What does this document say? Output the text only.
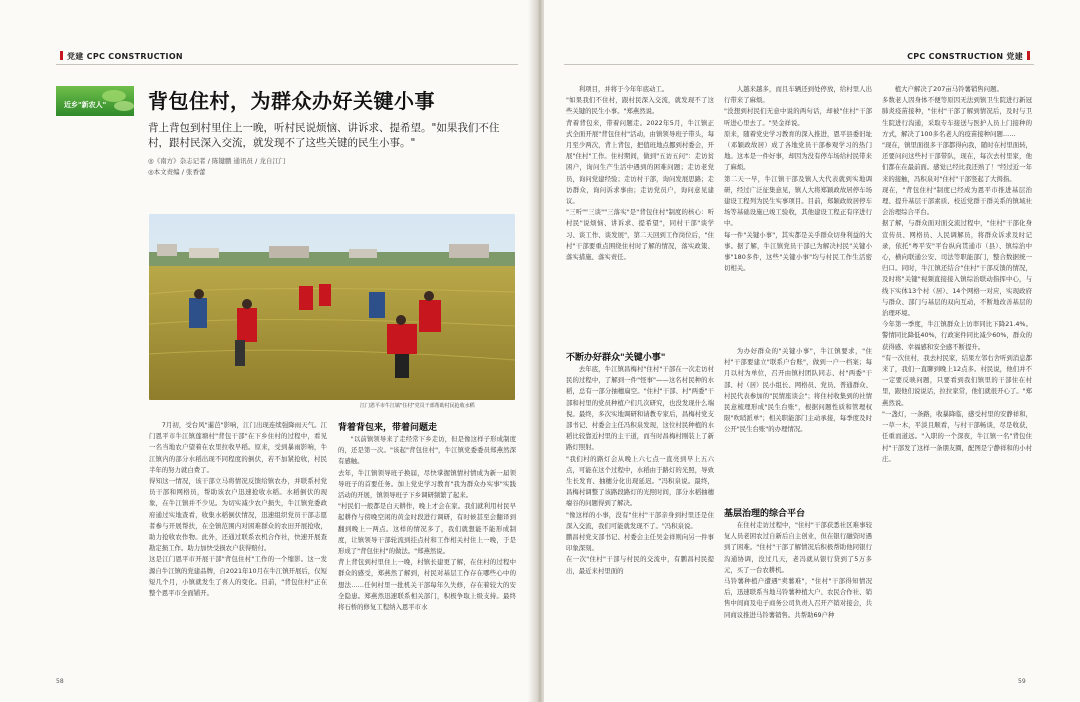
党建 CPC CONSTRUCTION
近乡"新农人" 背包住村，为群众办好关键小事
背上背包到村里住上一晚，听村民说烦恼、讲诉求、提希望。"如果我们不住村，跟村民深入交流，就发现不了这些关键的民生小事。"
◎《南方》杂志记者 / 陈键鹏 通讯员 / 龙自江门
◎本文责编 / 张香蕾
江门恩平市牛江镇"住村"党员干部帮助村民抢收水稻
7月初，受台风"暹芭"影响，江门出现连续强降雨天气。江门恩平市牛江镇莲塘村"背包干部"在下乡住村的过程中，看见一名当地农户望着在农里拉收早稻。原来，受到暴雨影响，牛江镇内的部分水稻出现不同程度的倒伏，若不加紧抢收，村民半年的努力就白费了。
得知这一情况，该干部立马将情况反馈给镇农办，并联系村党员干部和网格员，帮助该农户迅速抢收水稻。水稻倒伏的现象，在牛江镇并不少见。为切实减少农户损失，牛江镇党委政府通过实地查看，收集水稻倒伏情况，迅速组织党员干部志愿者参与开展帮扶，在全镇范围内对困难群众的农田开展抢收，助力抢收农作物。此外，还通过联系农机合作社，快速开展查勘定损工作。助力加快受损农户获得赔付。
这是江门恩平市开展干部"背包住村"工作的一个缩影。这一发源自牛江镇的党建品牌，自2021年10月在牛江镇开展后，仅短短几个月，小镇就发生了喜人的变化。目前，"背包住村"正在整个恩平市全面铺开。
背着背包来，带着问题走
"以前镇领导来了走经常下乡走访，但是像这样子形成制度的，还是第一次。"该起"背包住村"，牛江镇党委委员郑燕然深有感触。
去年，牛江镇领导班子换届，尽快掌握镇情村情成为新一届领导班子的首要任务。加上党史学习教育"我为群众办实事"实践活动的开展，镇领导班子下乡调研频繁了起来。
"村民们一般都是白天耕作，晚上才会在家。我们就利用村民早起耕作与傍晚空闲的黄金时段进行调研，有时候甚至会翻译到翻到晚上一两点。这样的情况多了，我们就想能不能形成制度，让镇领导干部轮流到挂点村和工作相关村住上一晚，于是形成了"背包住村"的做法。"郑燕然说。
背上背包到村里住上一晚，村镇长建更了解，在住村的过程中群众的感受，郑燕然了解到，村民对基层工作存在哪些心中的想法……任何村里一批机关干部每年久失修，存在着较大的安全隐患。郑燕然迅速联系相关部门，积极争取上级支持。最终将石桥的修复工程纳入恩平市水
58
CPC CONSTRUCTION 党建
利项目，并将于今年年底动工。
"如果我们不住村，跟村民深入交流，就发现不了这些关键的民生小事。"郑燕然说。
背着背包来，带着问题走。2022年5月，牛江镇正式全面开展"背包住村"活动，由镇领导班子带头，每月至少两次，背上背包，把值班地点挪到村委会，开展"住村"工作。住村期间，做到"五访五问"：走访贫困户，询问生产生活中遇到的困难问题；走访老党员，询问党建经验；走访村干部，询问发展思路；走访群众，询问诉求事由；走访党员户，询问意见建议。
"三听""三谈""三落实"是"背包住村"制度的核心：听村民"说烦恼、讲诉求、提希望"，同村干部"谈学习、谈工作、谈发展"，第二天回到工作岗位后，"住村"干部要重点围绕住村时了解的情况，落实政策、落实措施、落实责任。
不断办好群众"关键小事"
去年底，牛江镇昌梅村"住村"干部在一次走访村民的过程中，了解到一件"怪事"——这名村民种的水稻，总有一部分抽穗扁空。"住村"干部、村"两委"干部和村里的党员种植户们几次研究，也没发现什么端倪。最终，多次实地调研和请教专家后，昌梅村党支部书记、村委会主任冯积泉发现，这位村民种植的水稻比较靠近村里的主干道，而当时昌梅村刚装上了新路灯照射。
"我们村的路灯会从晚上六七点一直亮到早上五六点，可能在这个过程中，水稻由于路灯的光照，导致生长发育、抽穗分化出现延迟。"冯积泉说。最终，昌梅村调整了该路段路灯的光照时间，部分水稻抽穗瘪谷的问题得到了解决。
"像这样的小事，没有"住村"干部亲身到村里还是住深入交流，我们可能就发现不了。"冯积泉说。
鹏昌村党支部书记、村委会主任吴金祥则向另一件事印象深刻。
在一次"住村"干部与村民的交流中，有鹏昌村民提出，最近来村里面的
人越来越多，而且车辆还到处停放，给村里人出行带来了麻烦。
"没想到村民们无意中说的两句话，却被"住村"干部听进心里去了。"吴金祥说。
原来，随着党史学习教育的深入推进，恩平县委旧址（邓颖政故居）成了各地党员干部参观学习的热门地。这本是一件好事，却因为没有停车场给村民带来了麻烦。
第二天一早，牛江镇干部及镇人大代表就到实地调研，经过广泛征集意见，镇人大将郑颖政故居停车场建设工程列为民生实事项目。目前，郑颖政故居停车场等基础设施已竣工验收，其他建设工程正有序进行中。
每一件"关键小事"，其实都是关乎群众切身利益的大事。据了解，牛江镇党员干部已为解决村民"关键小事"180多件，这些"关键小事"均与村民工作生活密切相关。
为办好群众的"关键小事"，牛江镇要求，"住村"干部要建立"联系户台账"，做到一户一档案；每月以村为单位，召开由镇村团队同志、村"两委"干部、村（居）民小组长、网格员、党员、普通群众、村民代表参加的"民情座谈会"；将住村收集到的社情民意梳理形成"民生台账"，根据问题性质和管理权限"吹哨派单"；相关职能部门主动承接，每季度及时公开"民生台账"的办理情况。
基层治理的综合平台
在住村走访过程中，"住村"干部获悉社区难事较复人员老困农过自新后自主创业，但在银行融资时遇到了困难。"住村"干部了解情况后积极帮助他同银行沟通协调，没过几天，老冯就从银行贷到了5万多元，买了一台农耕机。
马铃薯种植户遭遇"卖薯难"，"住村"干部得知情况后，迅速联系当地马铃薯种植大户、农民合作社、销售中间商及电子商务公司负责人召开产销对接会，共同商议推进马铃薯销售。共帮助69户种
植大户解决了207亩马铃薯销售问题。
多数老人因身体不便等原因无法到镇卫生院进行新冠肺炎疫苗接种，"住村"干部了解到情况后，及时与卫生院进行沟通，采取专车接送与医护人员上门接种的方式，解决了100多名老人的疫苗接种问题……
"现在，镇里面很多干部都得向我，随时在村里面转，还要问问这些村干部带队，现在，每次去村里家，他们都在在最前面。感觉已经比我还熟了！"经过近一年来的接触，冯积泉对"住村"干部竖起了大拇指。
现在，"背包住村"制度已经成为恩平市推进基层治理、提升基层干部素质、校近党群干群关系的镇域社会治理综合平台。
据了解，与群众面对面交流过程中，"住村"干部化身宣传员、网格员、人民调解员，将群众诉求及时记录，依托"粤平安"平台纵向贯通市（县）、镇综治中心，横向联通公安、司法等职能部门，整合数据统一归口。同时，牛江镇还结合"住村"干部反馈的情况，及时将"关键"视频直接接入镇综治联动指挥中心，与线下实体13个村（居）、14个网格一对应，实现政府与群众、部门与基层的双向互动，不断地改善基层的治理环境。
今年第一季度，牛江镇群众上访率同比下降21.4%。警情同比降低40%，行政案件同比减少60%，群众的获得感、幸福感和安全感不断提升。
"有一次住村，我去村民家，结果左邻右舍听到消息都来了，我们一直聊到晚上12点多。村民说，他们并不一定要反映问题，只要看到我们镇里的干部住在村里，跟他们说说话，拉拉家常，他们就很开心了。"郑燕然说。
"一盏灯，一条路，收暴降临，感受村里的安静祥和，一草一木，平淡且顺看，与村干部畅谈，尽是收获，任重而道远。"入职的一个深夜，牛江镇一名"背包住村"干部发了这样一条朋友圈，配图是宁静祥和的小村庄。
59
